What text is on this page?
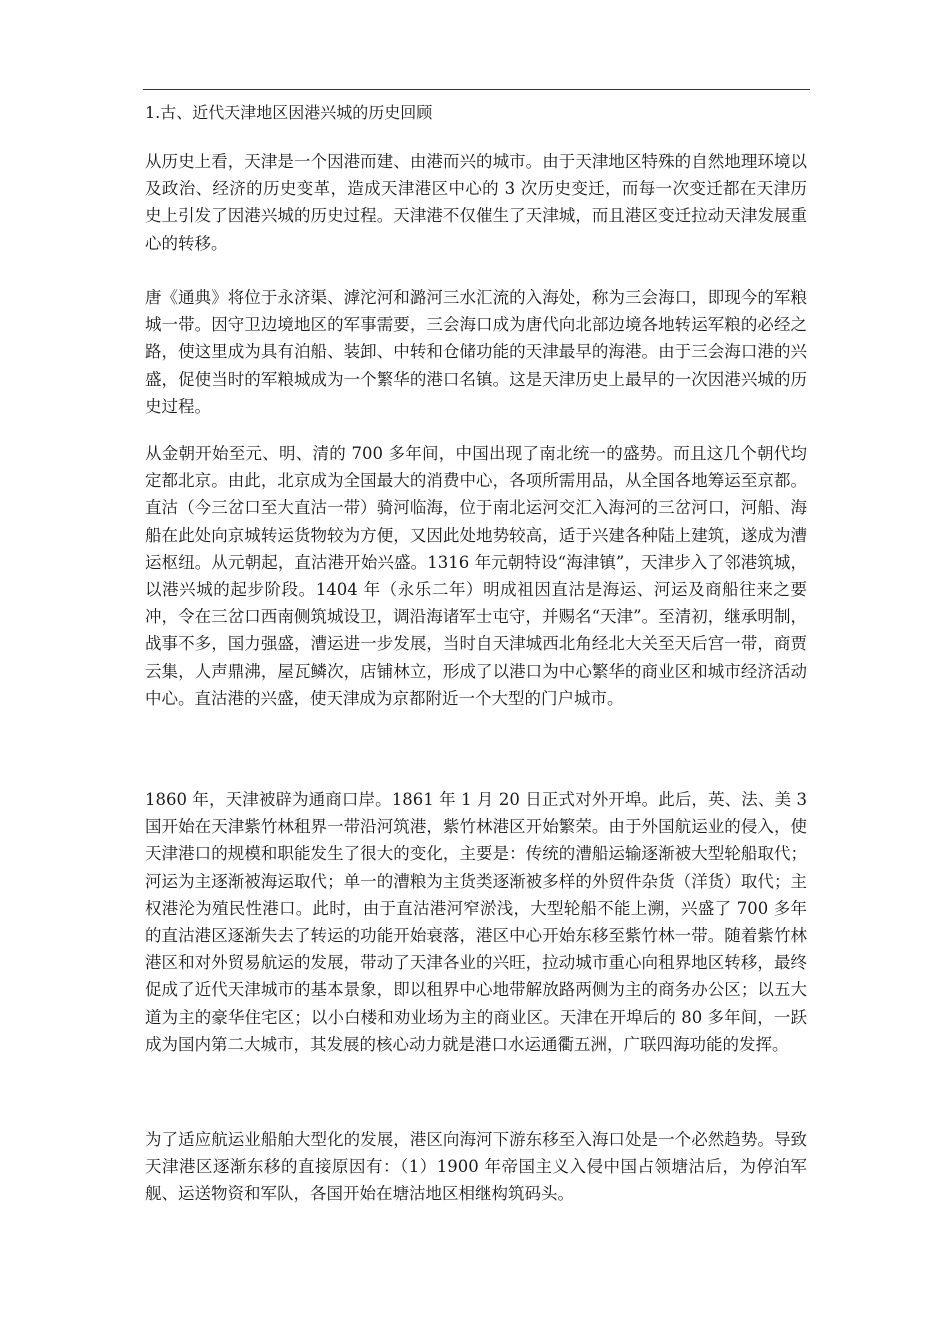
1.古、近代天津地区因港兴城的历史回顾

从历史上看，天津是一个因港而建、由港而兴的城市。由于天津地区特殊的自然地理环境以及政治、经济的历史变革，造成天津港区中心的 3 次历史变迁，而每一次变迁都在天津历史上引发了因港兴城的历史过程。天津港不仅催生了天津城，而且港区变迁拉动天津发展重心的转移。

唐《通典》将位于永济渠、滹沱河和潞河三水汇流的入海处，称为三会海口，即现今的军粮城一带。因守卫边境地区的军事需要，三会海口成为唐代向北部边境各地转运军粮的必经之路，使这里成为具有泊船、装卸、中转和仓储功能的天津最早的海港。由于三会海口港的兴盛，促使当时的军粮城成为一个繁华的港口名镇。这是天津历史上最早的一次因港兴城的历史过程。

从金朝开始至元、明、清的 700 多年间，中国出现了南北统一的盛势。而且这几个朝代均定都北京。由此，北京成为全国最大的消费中心，各项所需用品，从全国各地筹运至京都。直沽（今三岔口至大直沽一带）骑河临海，位于南北运河交汇入海河的三岔河口，河船、海船在此处向京城转运货物较为方便，又因此处地势较高，适于兴建各种陆上建筑，遂成为漕运枢纽。从元朝起，直沽港开始兴盛。1316 年元朝特设“海津镇”，天津步入了邻港筑城，以港兴城的起步阶段。1404 年（永乐二年）明成祖因直沽是海运、河运及商船往来之要冲，令在三岔口西南侧筑城设卫，调沿海诸军士屯守，并赐名“天津”。至清初，继承明制，战事不多，国力强盛，漕运进一步发展，当时自天津城西北角经北大关至天后宫一带，商贾云集，人声鼎沸，屋瓦鳞次，店铺林立，形成了以港口为中心繁华的商业区和城市经济活动中心。直沽港的兴盛，使天津成为京都附近一个大型的门户城市。

1860 年，天津被辟为通商口岸。1861 年 1 月 20 日正式对外开埠。此后，英、法、美 3 国开始在天津紫竹林租界一带沿河筑港，紫竹林港区开始繁荣。由于外国航运业的侵入，使天津港口的规模和职能发生了很大的变化，主要是：传统的漕船运输逐渐被大型轮船取代；河运为主逐渐被海运取代；单一的漕粮为主货类逐渐被多样的外贸件杂货（洋货）取代；主权港沦为殖民性港口。此时，由于直沽港河窄淤浅，大型轮船不能上溯，兴盛了 700 多年的直沽港区逐渐失去了转运的功能开始衰落，港区中心开始东移至紫竹林一带。随着紫竹林港区和对外贸易航运的发展，带动了天津各业的兴旺，拉动城市重心向租界地区转移，最终促成了近代天津城市的基本景象，即以租界中心地带解放路两侧为主的商务办公区；以五大道为主的豪华住宅区；以小白楼和劝业场为主的商业区。天津在开埠后的 80 多年间，一跃成为国内第二大城市，其发展的核心动力就是港口水运通衢五洲，广联四海功能的发挥。

为了适应航运业船舶大型化的发展，港区向海河下游东移至入海口处是一个必然趋势。导致天津港区逐渐东移的直接原因有：（1）1900 年帝国主义入侵中国占领塘沽后，为停泊军舰、运送物资和军队，各国开始在塘沽地区相继构筑码头。
